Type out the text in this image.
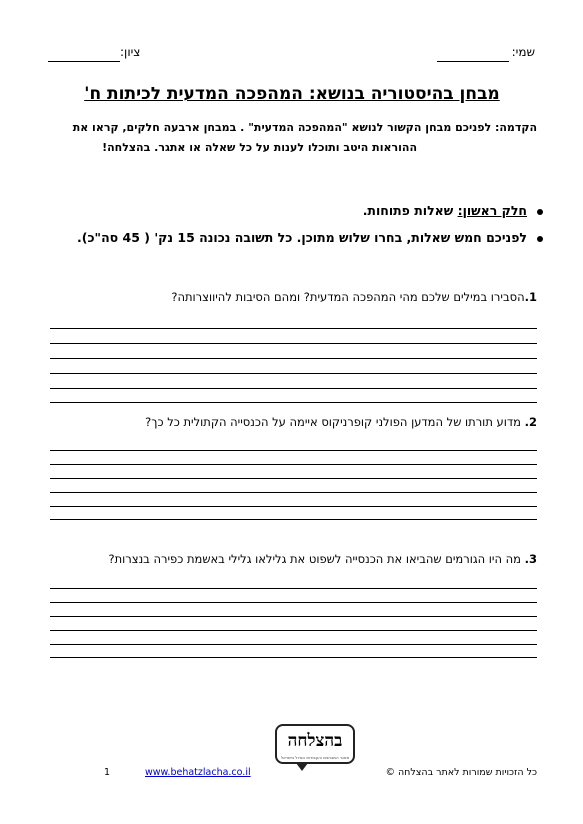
שמי:
ציון:
מבחן בהיסטוריה בנושא: המהפכה המדעית לכיתות ח'
הקדמה: לפניכם מבחן הקשור לנושא "המהפכה המדעית" . במבחן ארבעה חלקים, קראו את
ההוראות היטב ותוכלו לענות על כל שאלה או אתגר. בהצלחה!
חלק ראשון: שאלות פתוחות.
לפניכם חמש שאלות, בחרו שלוש מתוכן. כל תשובה נכונה 15 נק' ( 45 סה"כ).
1.הסבירו במילים שלכם מהי המהפכה המדעית? ומהם הסיבות להיווצרותה?
2. מדוע תורתו של המדען הפולני קופרניקוס איימה על הכנסייה הקתולית כל כך?
3. מה היו הגורמים שהביאו את הכנסייה לשפוט את גלילאו גלילי באשמת כפירה בנצרות?
בהצלחה
מאגר המבחנים והעבודות הגדול בישראל
כל הזכויות שמורות לאתר בהצלחה ©
www.behatzlacha.co.il
1
